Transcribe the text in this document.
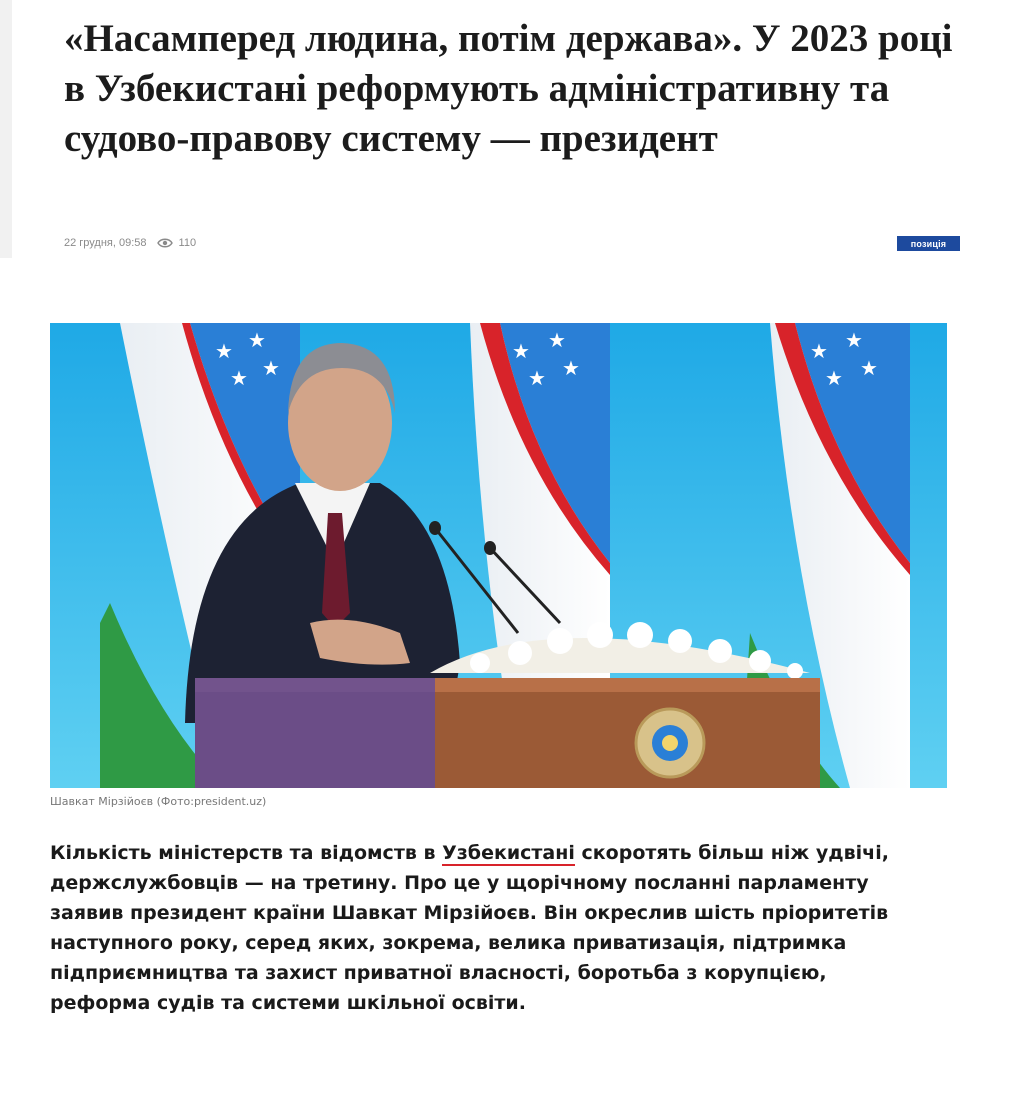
«Насамперед людина, потім держава». У 2023 році в Узбекистані реформують адміністративну та судово-правову систему — президент
22 грудня, 09:58	110	позиція
★ ★
★ ★
★ ★
★ ★
★ ★
★ ★
Шавкат Мірзійоєв (Фото:president.uz)

Кількість міністерств та відомств в Узбекистані скоротять більш ніж удвічі, держслужбовців — на третину. Про це у щорічному посланні парламенту заявив президент країни Шавкат Мірзійоєв. Він окреслив шість пріоритетів наступного року, серед яких, зокрема, велика приватизація, підтримка підприємництва та захист приватної власності, боротьба з корупцією, реформа судів та системи шкільної освіти.
